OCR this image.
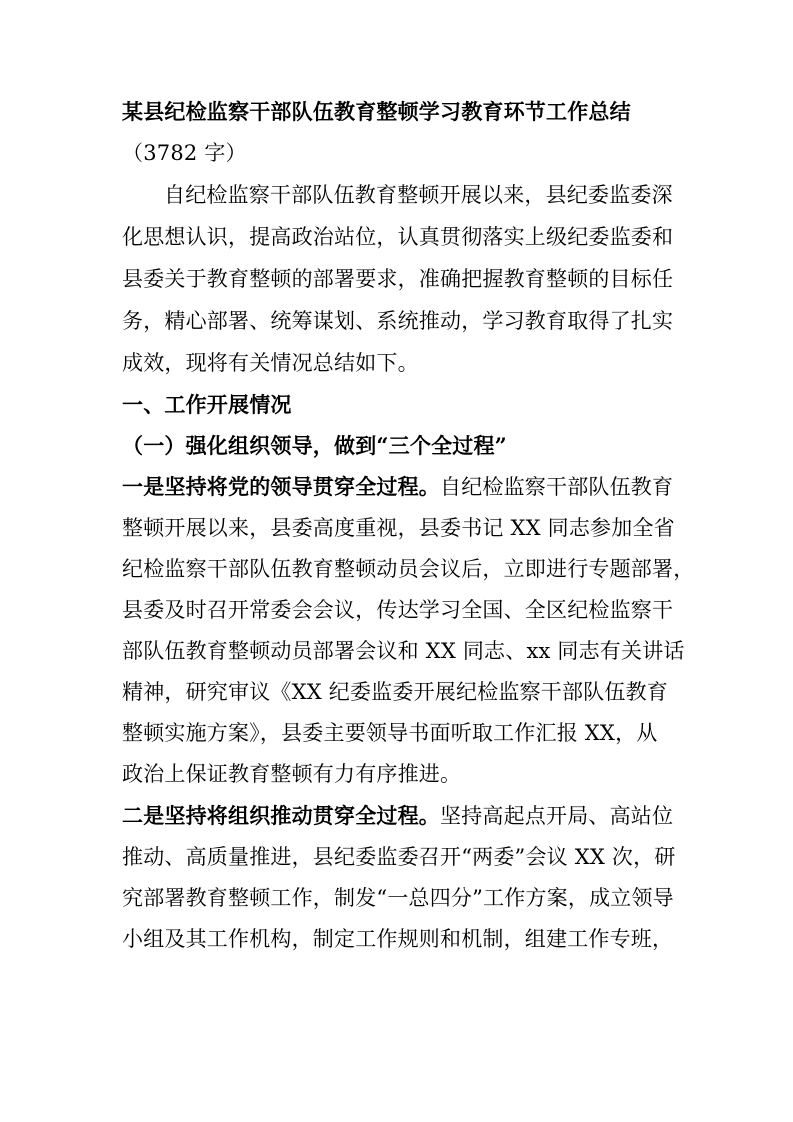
某县纪检监察干部队伍教育整顿学习教育环节工作总结
（3782 字）
自纪检监察干部队伍教育整顿开展以来，县纪委监委深
化思想认识，提高政治站位，认真贯彻落实上级纪委监委和
县委关于教育整顿的部署要求，准确把握教育整顿的目标任
务，精心部署、统筹谋划、系统推动，学习教育取得了扎实
成效，现将有关情况总结如下。
一、工作开展情况
（一）强化组织领导，做到“三个全过程”
一是坚持将党的领导贯穿全过程。自纪检监察干部队伍教育
整顿开展以来，县委高度重视，县委书记 XX 同志参加全省
纪检监察干部队伍教育整顿动员会议后，立即进行专题部署，
县委及时召开常委会会议，传达学习全国、全区纪检监察干
部队伍教育整顿动员部署会议和 XX 同志、xx 同志有关讲话
精神，研究审议《XX 纪委监委开展纪检监察干部队伍教育
整顿实施方案》，县委主要领导书面听取工作汇报 XX，从
政治上保证教育整顿有力有序推进。
二是坚持将组织推动贯穿全过程。坚持高起点开局、高站位
推动、高质量推进，县纪委监委召开“两委”会议 XX 次，研
究部署教育整顿工作，制发“一总四分”工作方案，成立领导
小组及其工作机构，制定工作规则和机制，组建工作专班，
